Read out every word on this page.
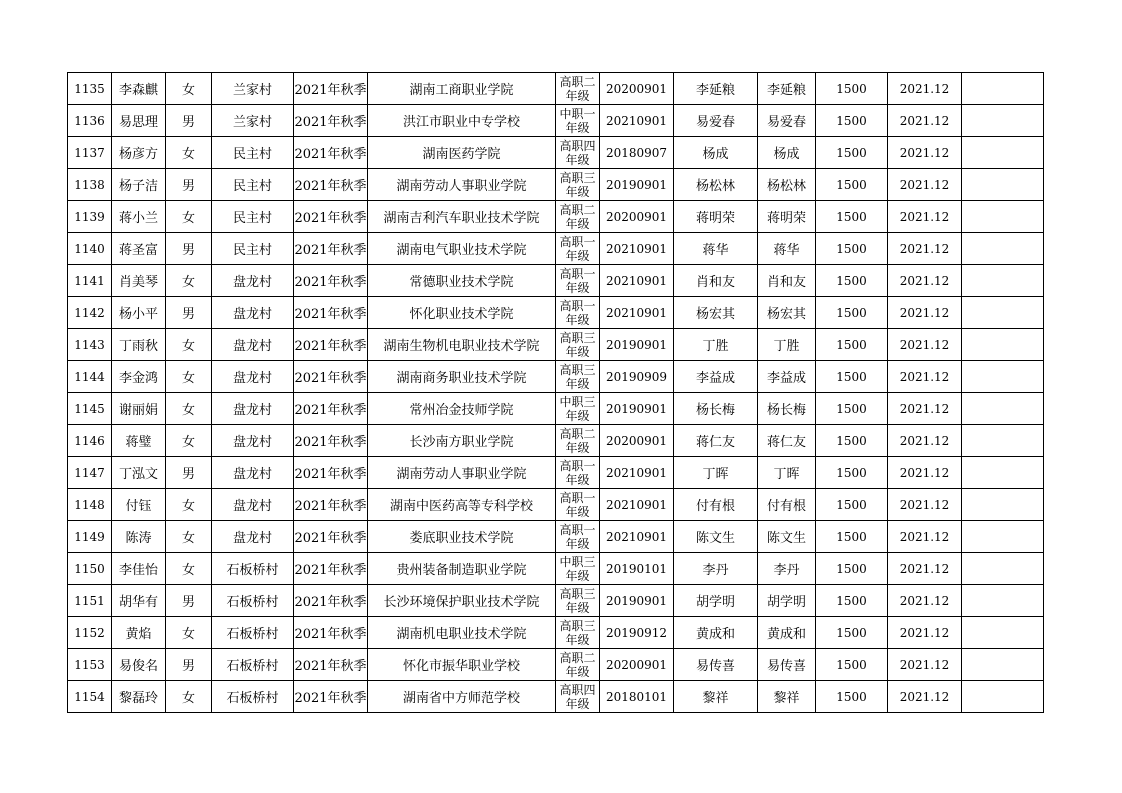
1135	李森麒	女	兰家村	2021年秋季	湖南工商职业学院	高职二年级	20200901	李延粮	李延粮	1500	2021.12	
1136	易思理	男	兰家村	2021年秋季	洪江市职业中专学校	中职一年级	20210901	易爱春	易爱春	1500	2021.12	
1137	杨彦方	女	民主村	2021年秋季	湖南医药学院	高职四年级	20180907	杨成	杨成	1500	2021.12	
1138	杨子洁	男	民主村	2021年秋季	湖南劳动人事职业学院	高职三年级	20190901	杨松林	杨松林	1500	2021.12	
1139	蒋小兰	女	民主村	2021年秋季	湖南吉利汽车职业技术学院	高职二年级	20200901	蒋明荣	蒋明荣	1500	2021.12	
1140	蒋圣富	男	民主村	2021年秋季	湖南电气职业技术学院	高职一年级	20210901	蒋华	蒋华	1500	2021.12	
1141	肖美琴	女	盘龙村	2021年秋季	常德职业技术学院	高职一年级	20210901	肖和友	肖和友	1500	2021.12	
1142	杨小平	男	盘龙村	2021年秋季	怀化职业技术学院	高职一年级	20210901	杨宏其	杨宏其	1500	2021.12	
1143	丁雨秋	女	盘龙村	2021年秋季	湖南生物机电职业技术学院	高职三年级	20190901	丁胜	丁胜	1500	2021.12	
1144	李金鸿	女	盘龙村	2021年秋季	湖南商务职业技术学院	高职三年级	20190909	李益成	李益成	1500	2021.12	
1145	谢丽娟	女	盘龙村	2021年秋季	常州冶金技师学院	中职三年级	20190901	杨长梅	杨长梅	1500	2021.12	
1146	蒋璧	女	盘龙村	2021年秋季	长沙南方职业学院	高职二年级	20200901	蒋仁友	蒋仁友	1500	2021.12	
1147	丁泓文	男	盘龙村	2021年秋季	湖南劳动人事职业学院	高职一年级	20210901	丁晖	丁晖	1500	2021.12	
1148	付钰	女	盘龙村	2021年秋季	湖南中医药高等专科学校	高职一年级	20210901	付有根	付有根	1500	2021.12	
1149	陈涛	女	盘龙村	2021年秋季	娄底职业技术学院	高职一年级	20210901	陈文生	陈文生	1500	2021.12	
1150	李佳怡	女	石板桥村	2021年秋季	贵州装备制造职业学院	中职三年级	20190101	李丹	李丹	1500	2021.12	
1151	胡华有	男	石板桥村	2021年秋季	长沙环境保护职业技术学院	高职三年级	20190901	胡学明	胡学明	1500	2021.12	
1152	黄焰	女	石板桥村	2021年秋季	湖南机电职业技术学院	高职三年级	20190912	黄成和	黄成和	1500	2021.12	
1153	易俊名	男	石板桥村	2021年秋季	怀化市振华职业学校	高职二年级	20200901	易传喜	易传喜	1500	2021.12	
1154	黎磊玲	女	石板桥村	2021年秋季	湖南省中方师范学校	高职四年级	20180101	黎祥	黎祥	1500	2021.12	
